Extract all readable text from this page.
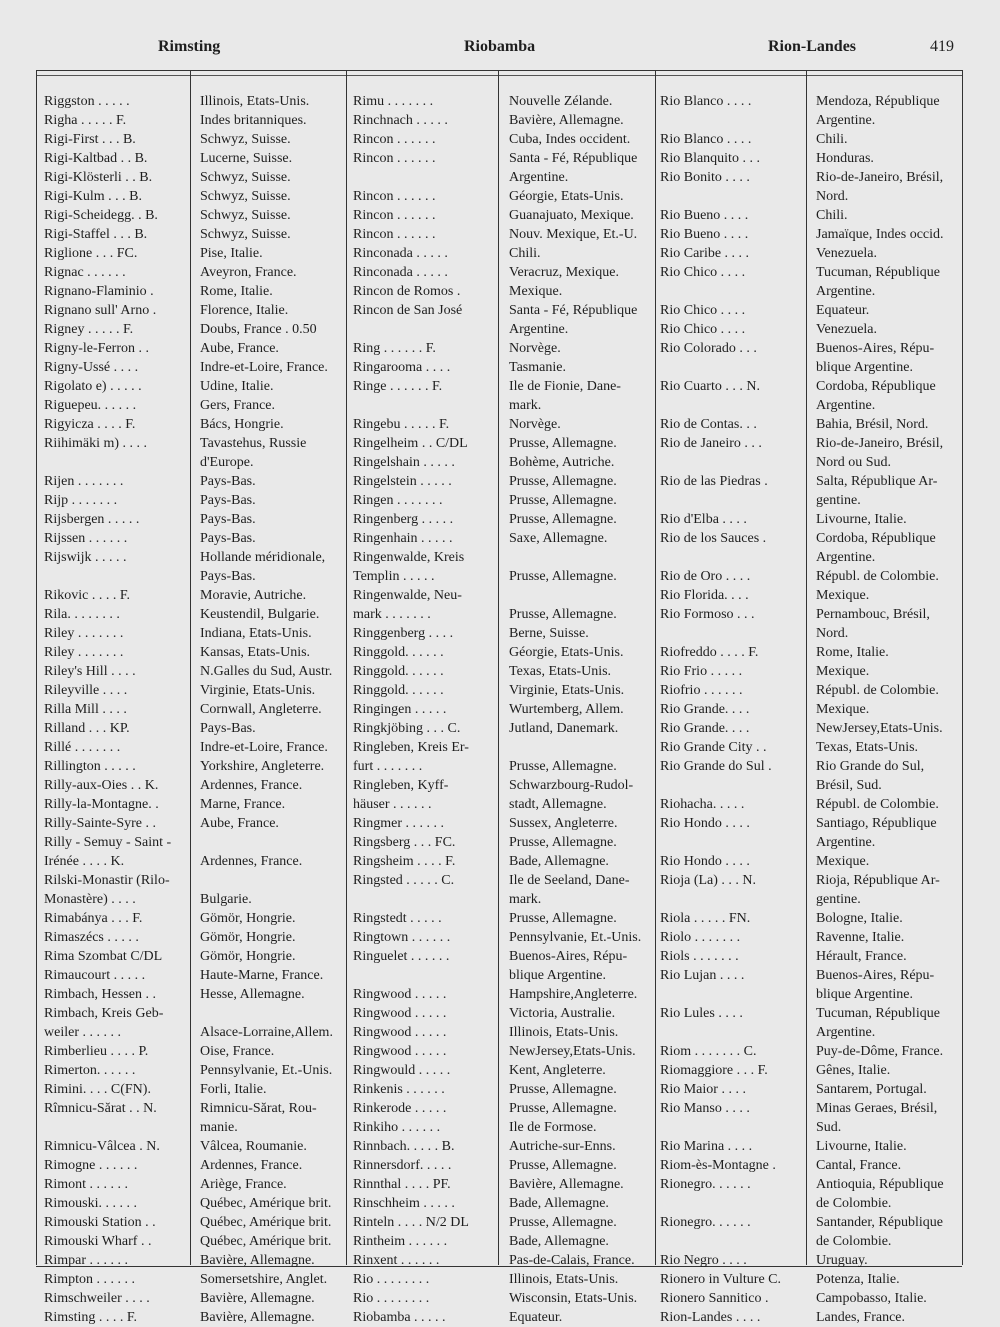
Rimsting	Riobamba	Rion-Landes	419
Riggston . . . . .	Illinois, Etats-Unis.
Righa . . . . . F.	Indes britanniques.
Rigi-First . . . B.	Schwyz, Suisse.
Rigi-Kaltbad . . B.	Lucerne, Suisse.
Rigi-Klösterli . . B.	Schwyz, Suisse.
Rigi-Kulm . . . B.	Schwyz, Suisse.
Rigi-Scheidegg. . B.	Schwyz, Suisse.
Rigi-Staffel . . . B.	Schwyz, Suisse.
Riglione . . . FC.	Pise, Italie.
Rignac . . . . . .	Aveyron, France.
Rignano-Flaminio .	Rome, Italie.
Rignano sull' Arno .	Florence, Italie.
Rigney . . . . . F.	Doubs, France . 0.50
Rigny-le-Ferron . .	Aube, France.
Rigny-Ussé . . . .	Indre-et-Loire, France.
Rigolato e) . . . . .	Udine, Italie.
Riguepeu. . . . . .	Gers, France.
Rigyicza . . . . F.	Bács, Hongrie.
Riihimäki m) . . . .	Tavastehus, Russie
d'Europe.
Rijen . . . . . . .	Pays-Bas.
Rijp . . . . . . .	Pays-Bas.
Rijsbergen . . . . .	Pays-Bas.
Rijssen . . . . . .	Pays-Bas.
Rijswijk . . . . .	Hollande méridionale,
Pays-Bas.
Rikovic . . . . F.	Moravie, Autriche.
Rila. . . . . . . .	Keustendil, Bulgarie.
Riley . . . . . . .	Indiana, Etats-Unis.
Riley . . . . . . .	Kansas, Etats-Unis.
Riley's Hill . . . .	N.Galles du Sud, Austr.
Rileyville . . . .	Virginie, Etats-Unis.
Rilla Mill . . . .	Cornwall, Angleterre.
Rilland . . . KP.	Pays-Bas.
Rillé . . . . . . .	Indre-et-Loire, France.
Rillington . . . . .	Yorkshire, Angleterre.
Rilly-aux-Oies . . K.	Ardennes, France.
Rilly-la-Montagne. .	Marne, France.
Rilly-Sainte-Syre . .	Aube, France.
Rilly - Semuy - Saint -
Irénée . . . . K.	Ardennes, France.
Rilski-Monastir (Rilo-
Monastère) . . . .	Bulgarie.
Rimabánya . . . F.	Gömör, Hongrie.
Rimaszécs . . . . .	Gömör, Hongrie.
Rima Szombat C/DL	Gömör, Hongrie.
Rimaucourt . . . . .	Haute-Marne, France.
Rimbach, Hessen . .	Hesse, Allemagne.
Rimbach, Kreis Geb-
weiler . . . . . .	Alsace-Lorraine,Allem.
Rimberlieu . . . . P.	Oise, France.
Rimerton. . . . . .	Pennsylvanie, Et.-Unis.
Rimini. . . . C(FN).	Forli, Italie.
Rîmnicu-Sărat . . N.	Rimnicu-Sărat, Rou-
manie.
Rimnicu-Vâlcea . N.	Vâlcea, Roumanie.
Rimogne . . . . . .	Ardennes, France.
Rimont . . . . . .	Ariège, France.
Rimouski. . . . . .	Québec, Amérique brit.
Rimouski Station . .	Québec, Amérique brit.
Rimouski Wharf . .	Québec, Amérique brit.
Rimpar . . . . . .	Bavière, Allemagne.
Rimpton . . . . . .	Somersetshire, Anglet.
Rimschweiler . . . .	Bavière, Allemagne.
Rimsting . . . . F.	Bavière, Allemagne.
Rimu . . . . . . .	Nouvelle Zélande.
Rinchnach . . . . .	Bavière, Allemagne.
Rincon . . . . . .	Cuba, Indes occident.
Rincon . . . . . .	Santa - Fé, République
Argentine.
Rincon . . . . . .	Géorgie, Etats-Unis.
Rincon . . . . . .	Guanajuato, Mexique.
Rincon . . . . . .	Nouv. Mexique, Et.-U.
Rinconada . . . . .	Chili.
Rinconada . . . . .	Veracruz, Mexique.
Rincon de Romos .	Mexique.
Rincon de San José	Santa - Fé, République
Argentine.
Ring . . . . . . F.	Norvège.
Ringarooma . . . .	Tasmanie.
Ringe . . . . . . F.	Ile de Fionie, Dane-
mark.
Ringebu . . . . . F.	Norvège.
Ringelheim . . C/DL	Prusse, Allemagne.
Ringelshain . . . . .	Bohème, Autriche.
Ringelstein . . . . .	Prusse, Allemagne.
Ringen . . . . . . .	Prusse, Allemagne.
Ringenberg . . . . .	Prusse, Allemagne.
Ringenhain . . . . .	Saxe, Allemagne.
Ringenwalde, Kreis
Templin . . . . .	Prusse, Allemagne.
Ringenwalde, Neu-
mark . . . . . . .	Prusse, Allemagne.
Ringgenberg . . . .	Berne, Suisse.
Ringgold. . . . . .	Géorgie, Etats-Unis.
Ringgold. . . . . .	Texas, Etats-Unis.
Ringgold. . . . . .	Virginie, Etats-Unis.
Ringingen . . . . .	Wurtemberg, Allem.
Ringkjöbing . . . C.	Jutland, Danemark.
Ringleben, Kreis Er-
furt . . . . . . .	Prusse, Allemagne.
Ringleben, Kyff-	Schwarzbourg-Rudol-
häuser . . . . . .	stadt, Allemagne.
Ringmer . . . . . .	Sussex, Angleterre.
Ringsberg . . . FC.	Prusse, Allemagne.
Ringsheim . . . . F.	Bade, Allemagne.
Ringsted . . . . . C.	Ile de Seeland, Dane-
mark.
Ringstedt . . . . .	Prusse, Allemagne.
Ringtown . . . . . .	Pennsylvanie, Et.-Unis.
Ringuelet . . . . . .	Buenos-Aires, Répu-
blique Argentine.
Ringwood . . . . .	Hampshire,Angleterre.
Ringwood . . . . .	Victoria, Australie.
Ringwood . . . . .	Illinois, Etats-Unis.
Ringwood . . . . .	NewJersey,Etats-Unis.
Ringwould . . . . .	Kent, Angleterre.
Rinkenis . . . . . .	Prusse, Allemagne.
Rinkerode . . . . .	Prusse, Allemagne.
Rinkiho . . . . . .	Ile de Formose.
Rinnbach. . . . . B.	Autriche-sur-Enns.
Rinnersdorf. . . . .	Prusse, Allemagne.
Rinnthal . . . . PF.	Bavière, Allemagne.
Rinschheim . . . . .	Bade, Allemagne.
Rinteln . . . . N/2 DL	Prusse, Allemagne.
Rintheim . . . . . .	Bade, Allemagne.
Rinxent . . . . . .	Pas-de-Calais, France.
Rio . . . . . . . .	Illinois, Etats-Unis.
Rio . . . . . . . .	Wisconsin, Etats-Unis.
Riobamba . . . . .	Equateur.
Rio Blanco . . . .	Mendoza, République
Argentine.
Rio Blanco . . . .	Chili.
Rio Blanquito . . .	Honduras.
Rio Bonito . . . .	Rio-de-Janeiro, Brésil,
Nord.
Rio Bueno . . . .	Chili.
Rio Bueno . . . .	Jamaïque, Indes occid.
Rio Caribe . . . .	Venezuela.
Rio Chico . . . .	Tucuman, République
Argentine.
Rio Chico . . . .	Equateur.
Rio Chico . . . .	Venezuela.
Rio Colorado . . .	Buenos-Aires, Répu-
blique Argentine.
Rio Cuarto . . . N.	Cordoba, République
Argentine.
Rio de Contas. . .	Bahia, Brésil, Nord.
Rio de Janeiro . . .	Rio-de-Janeiro, Brésil,
Nord ou Sud.
Rio de las Piedras .	Salta, République Ar-
gentine.
Rio d'Elba . . . .	Livourne, Italie.
Rio de los Sauces .	Cordoba, République
Argentine.
Rio de Oro . . . .	Républ. de Colombie.
Rio Florida. . . .	Mexique.
Rio Formoso . . .	Pernambouc, Brésil,
Nord.
Riofreddo . . . . F.	Rome, Italie.
Rio Frio . . . . .	Mexique.
Riofrio . . . . . .	Républ. de Colombie.
Rio Grande. . . .	Mexique.
Rio Grande. . . .	NewJersey,Etats-Unis.
Rio Grande City . .	Texas, Etats-Unis.
Rio Grande do Sul .	Rio Grande do Sul,
Brésil, Sud.
Riohacha. . . . .	Républ. de Colombie.
Rio Hondo . . . .	Santiago, République
Argentine.
Rio Hondo . . . .	Mexique.
Rioja (La) . . . N.	Rioja, République Ar-
gentine.
Riola . . . . . FN.	Bologne, Italie.
Riolo . . . . . . .	Ravenne, Italie.
Riols . . . . . . .	Hérault, France.
Rio Lujan . . . .	Buenos-Aires, Répu-
blique Argentine.
Rio Lules . . . .	Tucuman, République
Argentine.
Riom . . . . . . . C.	Puy-de-Dôme, France.
Riomaggiore . . . F.	Gênes, Italie.
Rio Maior . . . .	Santarem, Portugal.
Rio Manso . . . .	Minas Geraes, Brésil,
Sud.
Rio Marina . . . .	Livourne, Italie.
Riom-ès-Montagne .	Cantal, France.
Rionegro. . . . . .	Antioquia, République
de Colombie.
Rionegro. . . . . .	Santander, République
de Colombie.
Rio Negro . . . .	Uruguay.
Rionero in Vulture C.	Potenza, Italie.
Rionero Sannitico .	Campobasso, Italie.
Rion-Landes . . . .	Landes, France.
